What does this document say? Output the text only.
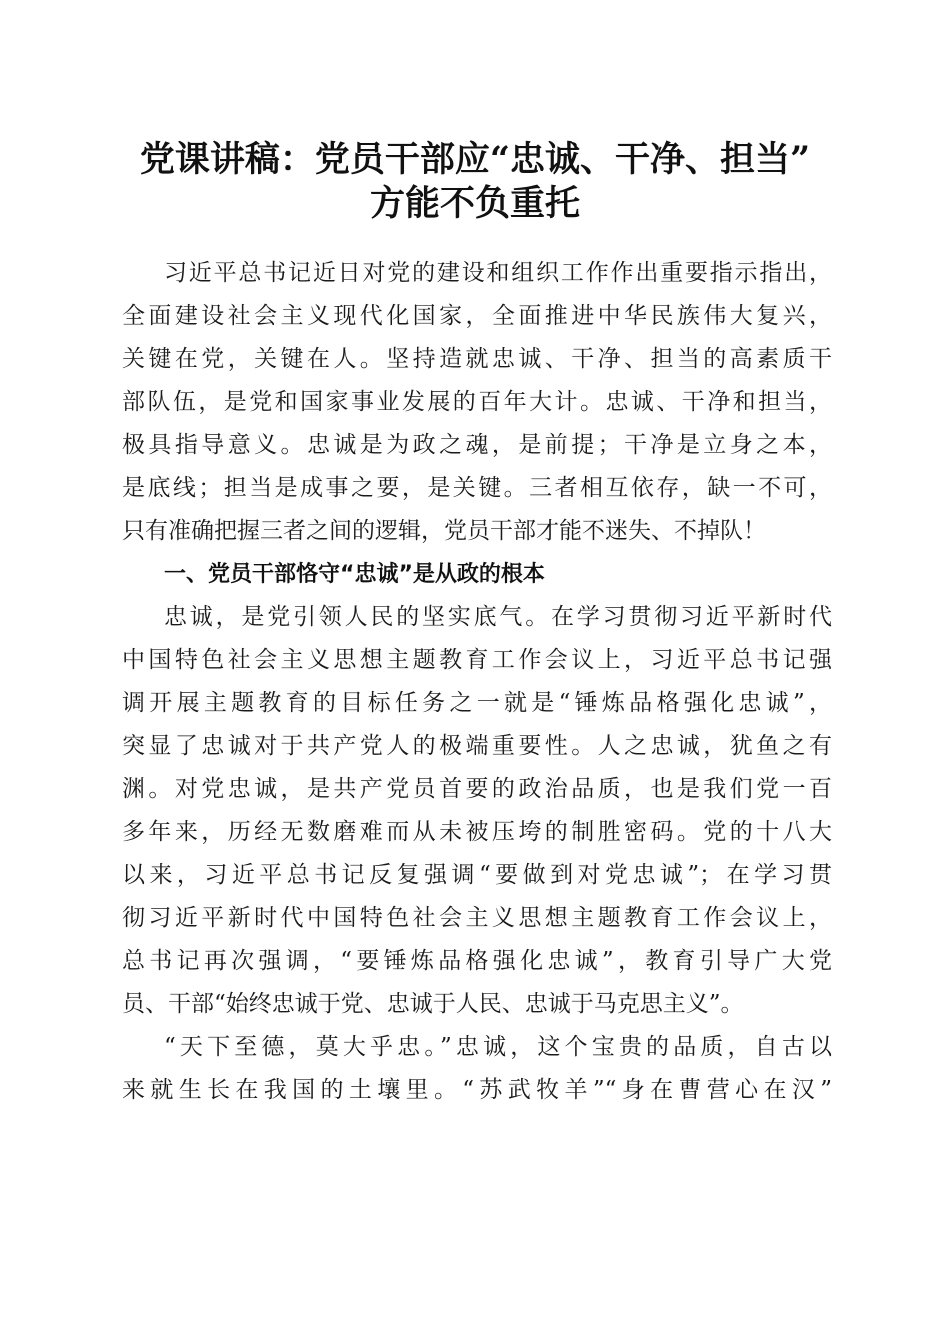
党课讲稿：党员干部应“忠诚、干净、担当”
方能不负重托
习近平总书记近日对党的建设和组织工作作出重要指示指出，
全面建设社会主义现代化国家，全面推进中华民族伟大复兴，
关键在党，关键在人。坚持造就忠诚、干净、担当的高素质干
部队伍，是党和国家事业发展的百年大计。忠诚、干净和担当，
极具指导意义。忠诚是为政之魂，是前提；干净是立身之本，
是底线；担当是成事之要，是关键。三者相互依存，缺一不可，
只有准确把握三者之间的逻辑，党员干部才能不迷失、不掉队！
一、党员干部恪守“忠诚”是从政的根本
忠诚，是党引领人民的坚实底气。在学习贯彻习近平新时代
中国特色社会主义思想主题教育工作会议上，习近平总书记强
调开展主题教育的目标任务之一就是“锤炼品格强化忠诚”，
突显了忠诚对于共产党人的极端重要性。人之忠诚，犹鱼之有
渊。对党忠诚，是共产党员首要的政治品质，也是我们党一百
多年来，历经无数磨难而从未被压垮的制胜密码。党的十八大
以来，习近平总书记反复强调“要做到对党忠诚”；在学习贯
彻习近平新时代中国特色社会主义思想主题教育工作会议上，
总书记再次强调，“要锤炼品格强化忠诚”，教育引导广大党
员、干部“始终忠诚于党、忠诚于人民、忠诚于马克思主义”。
“天下至德，莫大乎忠。”忠诚，这个宝贵的品质，自古以
来就生长在我国的土壤里。“苏武牧羊”“身在曹营心在汉”
